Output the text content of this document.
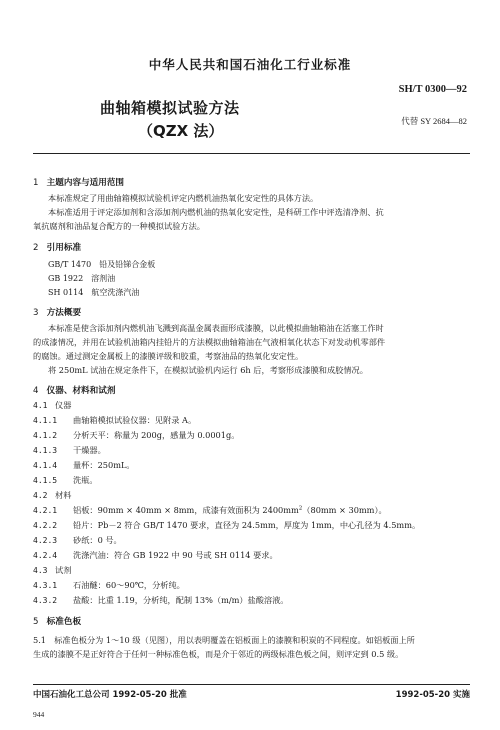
中华人民共和国石油化工行业标准
SH/T 0300—92
曲轴箱模拟试验方法
（QZX 法）
代替 SY 2684—82
1 主题内容与适用范围
本标准规定了用曲轴箱模拟试验机评定内燃机油热氧化安定性的具体方法。
本标准适用于评定添加剂和含添加剂内燃机油的热氧化安定性，是科研工作中评选清净剂、抗
氧抗腐剂和油品复合配方的一种模拟试验方法。
2 引用标准
GB/T 1470　铅及铅锑合金板
GB 1922　溶剂油
SH 0114　航空洗涤汽油
3 方法概要
本标准是使含添加剂内燃机油飞溅到高温金属表面形成漆膜，以此模拟曲轴箱油在活塞工作时
的成漆情况，并用在试验机油箱内挂铅片的方法模拟曲轴箱油在气液相氧化状态下对发动机零部件
的腐蚀。通过测定金属板上的漆膜评级和胶重，考察油品的热氧化安定性。
将 250mL 试油在规定条件下，在模拟试验机内运行 6h 后，考察形成漆膜和成胶情况。
4 仪器、材料和试剂
4.1 仪器
4.1.1 曲轴箱模拟试验仪器：见附录 A。
4.1.2 分析天平：称量为 200g，感量为 0.0001g。
4.1.3 干燥器。
4.1.4 量杯：250mL。
4.1.5 洗瓶。
4.2 材料
4.2.1 铝板：90mm × 40mm × 8mm，成漆有效面积为 $2400mm^2(80mm \times 30mm)$。
4.2.2 铅片：Pb－2 符合 GB/T 1470 要求，直径为 24.5mm，厚度为 1mm，中心孔径为 4.5mm。
4.2.3 砂纸：0 号。
4.2.4 洗涤汽油：符合 GB 1922 中 90 号或 SH 0114 要求。
4.3 试剂
4.3.1 石油醚：60～90℃，分析纯。
4.3.2 盐酸：比重 1.19，分析纯，配制 13%（m/m）盐酸溶液。
5 标准色板
5.1　标准色板分为 1～10 级（见图），用以表明覆盖在铝板面上的漆膜和积炭的不同程度。如铝板面上所
生成的漆膜不是正好符合于任何一种标准色板，而是介于邻近的两级标准色板之间，则评定到 0.5 级。
中国石油化工总公司 1992-05-20 批准	1992-05-20 实施
944
